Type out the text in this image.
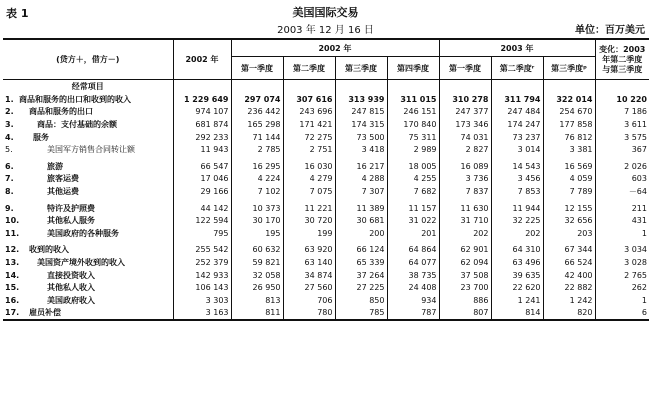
表 1	美国国际交易
2003 年 12 月 16 日	单位：百万美元
(贷方＋，借方－)	2002 年	2002 年				2003 年			变化：2003
年第二季度
与第三季度

		第一季度	第二季度	第三季度	第四季度	第一季度	第二季度ʳ	第三季度ᵖ	
经常项目									
1. 商品和服务的出口和收到的收入	1 229 649	297 074	307 616	313 939	311 015	310 278	311 794	322 014	10 220
2. 商品和服务的出口	974 107	236 442	243 696	247 815	246 151	247 377	247 484	254 670	7 186
3. 商品：支付基础的余额	681 874	165 298	171 421	174 315	170 840	173 346	174 247	177 858	3 611
4. 服务	292 233	71 144	72 275	73 500	75 311	74 031	73 237	76 812	3 575
5. 美国军方销售合同转让额	11 943	2 785	2 751	3 418	2 989	2 827	3 014	3 381	367
6. 旅游	66 547	16 295	16 030	16 217	18 005	16 089	14 543	16 569	2 026
7. 旅客运费	17 046	4 224	4 279	4 288	4 255	3 736	3 456	4 059	603
8. 其他运费	29 166	7 102	7 075	7 307	7 682	7 837	7 853	7 789	－64
9. 特许及护照费	44 142	10 373	11 221	11 389	11 157	11 630	11 944	12 155	211
10. 其他私人服务	122 594	30 170	30 720	30 681	31 022	31 710	32 225	32 656	431
11. 美国政府的各种服务	795	195	199	200	201	202	202	203	1
12. 收到的收入	255 542	60 632	63 920	66 124	64 864	62 901	64 310	67 344	3 034
13. 美国资产境外收到的收入	252 379	59 821	63 140	65 339	64 077	62 094	63 496	66 524	3 028
14. 直接投资收入	142 933	32 058	34 874	37 264	38 735	37 508	39 635	42 400	2 765
15. 其他私人收入	106 143	26 950	27 560	27 225	24 408	23 700	22 620	22 882	262
16. 美国政府收入	3 303	813	706	850	934	886	1 241	1 242	1
17. 雇员补偿	3 163	811	780	785	787	807	814	820	6
